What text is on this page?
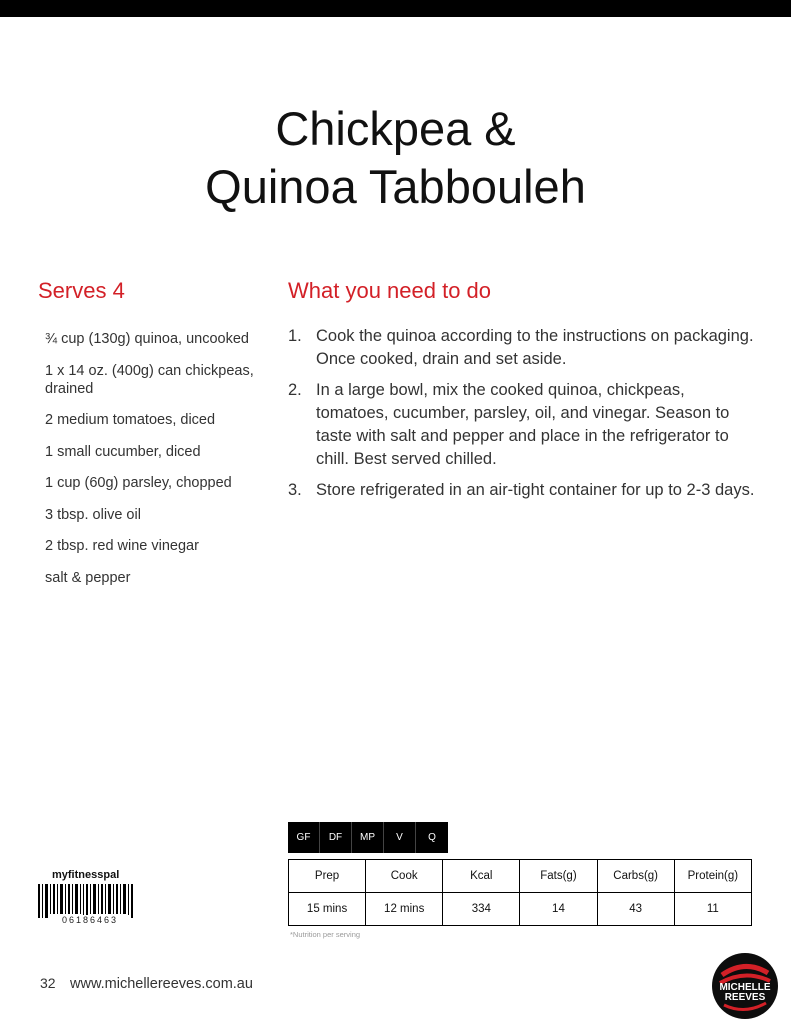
Chickpea &
Quinoa Tabbouleh
Serves 4	What you need to do
¾ cup (130g) quinoa, uncooked
1 x 14 oz. (400g) can chickpeas, drained
2 medium tomatoes, diced
1 small cucumber, diced
1 cup (60g) parsley, chopped
3 tbsp. olive oil
2 tbsp. red wine vinegar
salt & pepper
1. Cook the quinoa according to the instructions on packaging. Once cooked, drain and set aside.
2. In a large bowl, mix the cooked quinoa, chickpeas, tomatoes, cucumber, parsley, oil, and vinegar. Season to taste with salt and pepper and place in the refrigerator to chill. Best served chilled.
3. Store refrigerated in an air-tight container for up to 2-3 days.
GF	DF	MP	V	Q
Prep	Cook	Kcal	Fats(g)	Carbs(g)	Protein(g)
15 mins	12 mins	334	14	43	11
*Nutrition per serving
myfitnesspal
06186463
32 www.michellereeves.com.au	MICHELLE
REEVES
